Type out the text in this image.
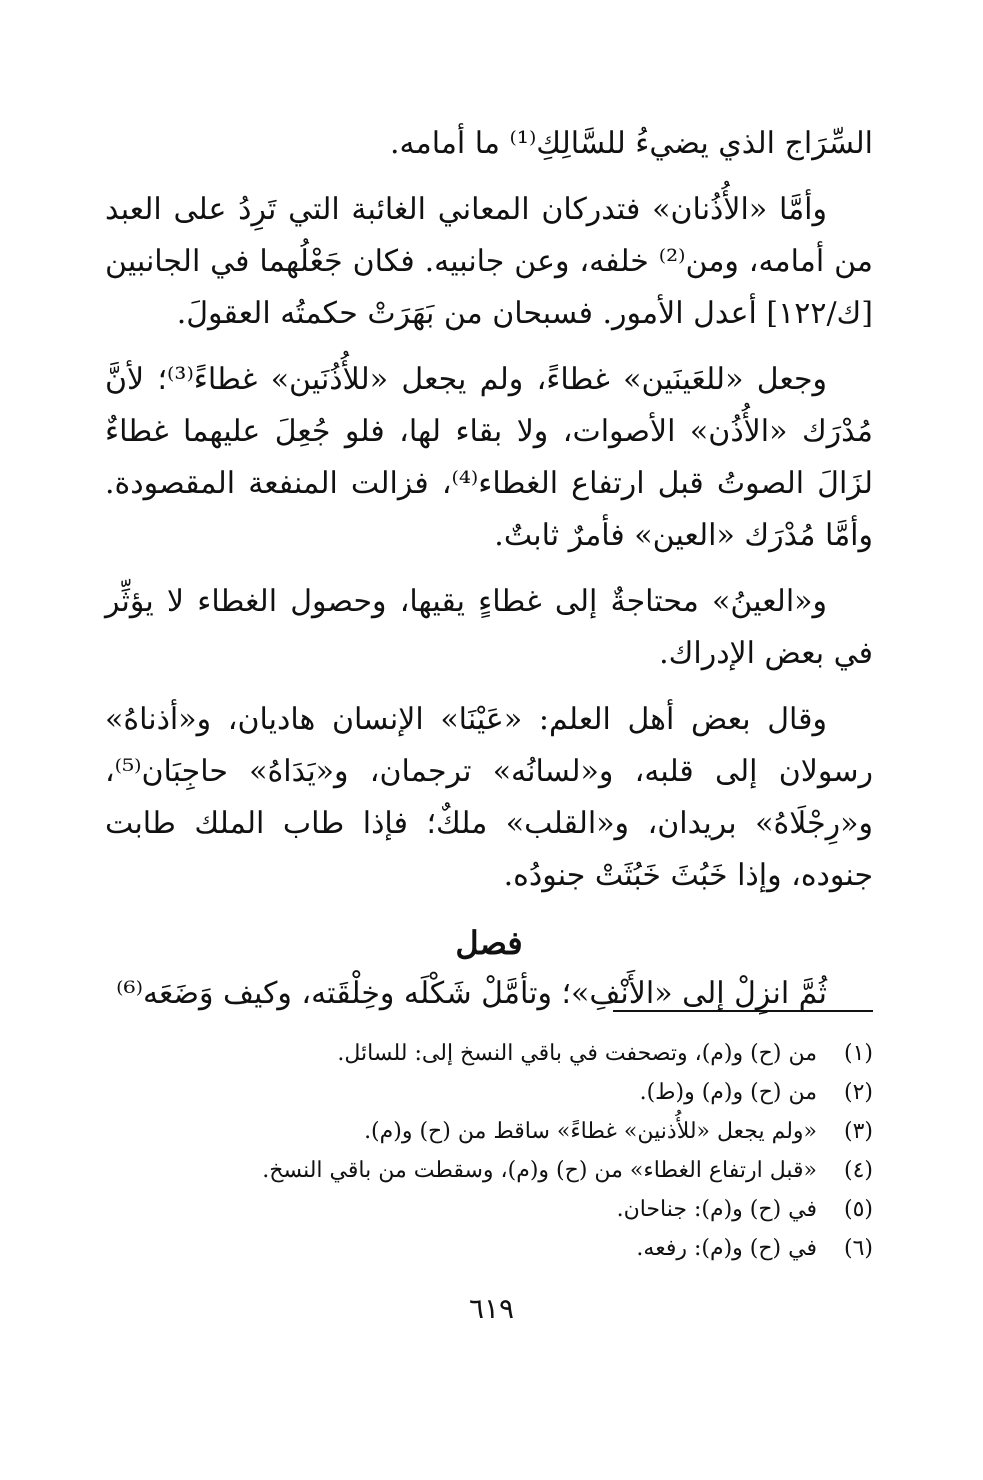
السِّرَاج الذي يضيءُ للسَّالِكِ⁽¹⁾ ما أمامه.

وأمَّا «الأُذُنان» فتدركان المعاني الغائبة التي تَرِدُ على العبد من أمامه، ومن⁽²⁾ خلفه، وعن جانبيه. فكان جَعْلُهما في الجانبين [ك/١٢٢] أعدل الأمور. فسبحان من بَهَرَتْ حكمتُه العقولَ.

وجعل «للعَينَين» غطاءً، ولم يجعل «للأُذُنَين» غطاءً⁽³⁾؛ لأنَّ مُدْرَك «الأُذُن» الأصوات، ولا بقاء لها، فلو جُعِلَ عليهما غطاءٌ لزَالَ الصوتُ قبل ارتفاع الغطاء⁽⁴⁾، فزالت المنفعة المقصودة. وأمَّا مُدْرَك «العين» فأمرٌ ثابتٌ.

و«العينُ» محتاجةٌ إلى غطاءٍ يقيها، وحصول الغطاء لا يؤثِّر في بعض الإدراك.

وقال بعض أهل العلم: «عَيْنَا» الإنسان هاديان، و«أذناهُ» رسولان إلى قلبه، و«لسانُه» ترجمان، و«يَدَاهُ» حاجِبَان⁽⁵⁾، و«رِجْلَاهُ» بريدان، و«القلب» ملكٌ؛ فإذا طاب الملك طابت جنوده، وإذا خَبُثَ خَبُثَتْ جنودُه.

فصل

ثُمَّ انزِلْ إلى «الأَنْفِ»؛ وتأمَّلْ شَكْلَه وخِلْقَته، وكيف وَضَعَه⁽⁶⁾

(١)
من (ح) و(م)، وتصحفت في باقي النسخ إلى: للسائل.
(٢)
من (ح) و(م) و(ط).
(٣)
«ولم يجعل «للأُذنين» غطاءً» ساقط من (ح) و(م).
(٤)
«قبل ارتفاع الغطاء» من (ح) و(م)، وسقطت من باقي النسخ.
(٥)
في (ح) و(م): جناحان.
(٦)
في (ح) و(م): رفعه.
٦١٩
